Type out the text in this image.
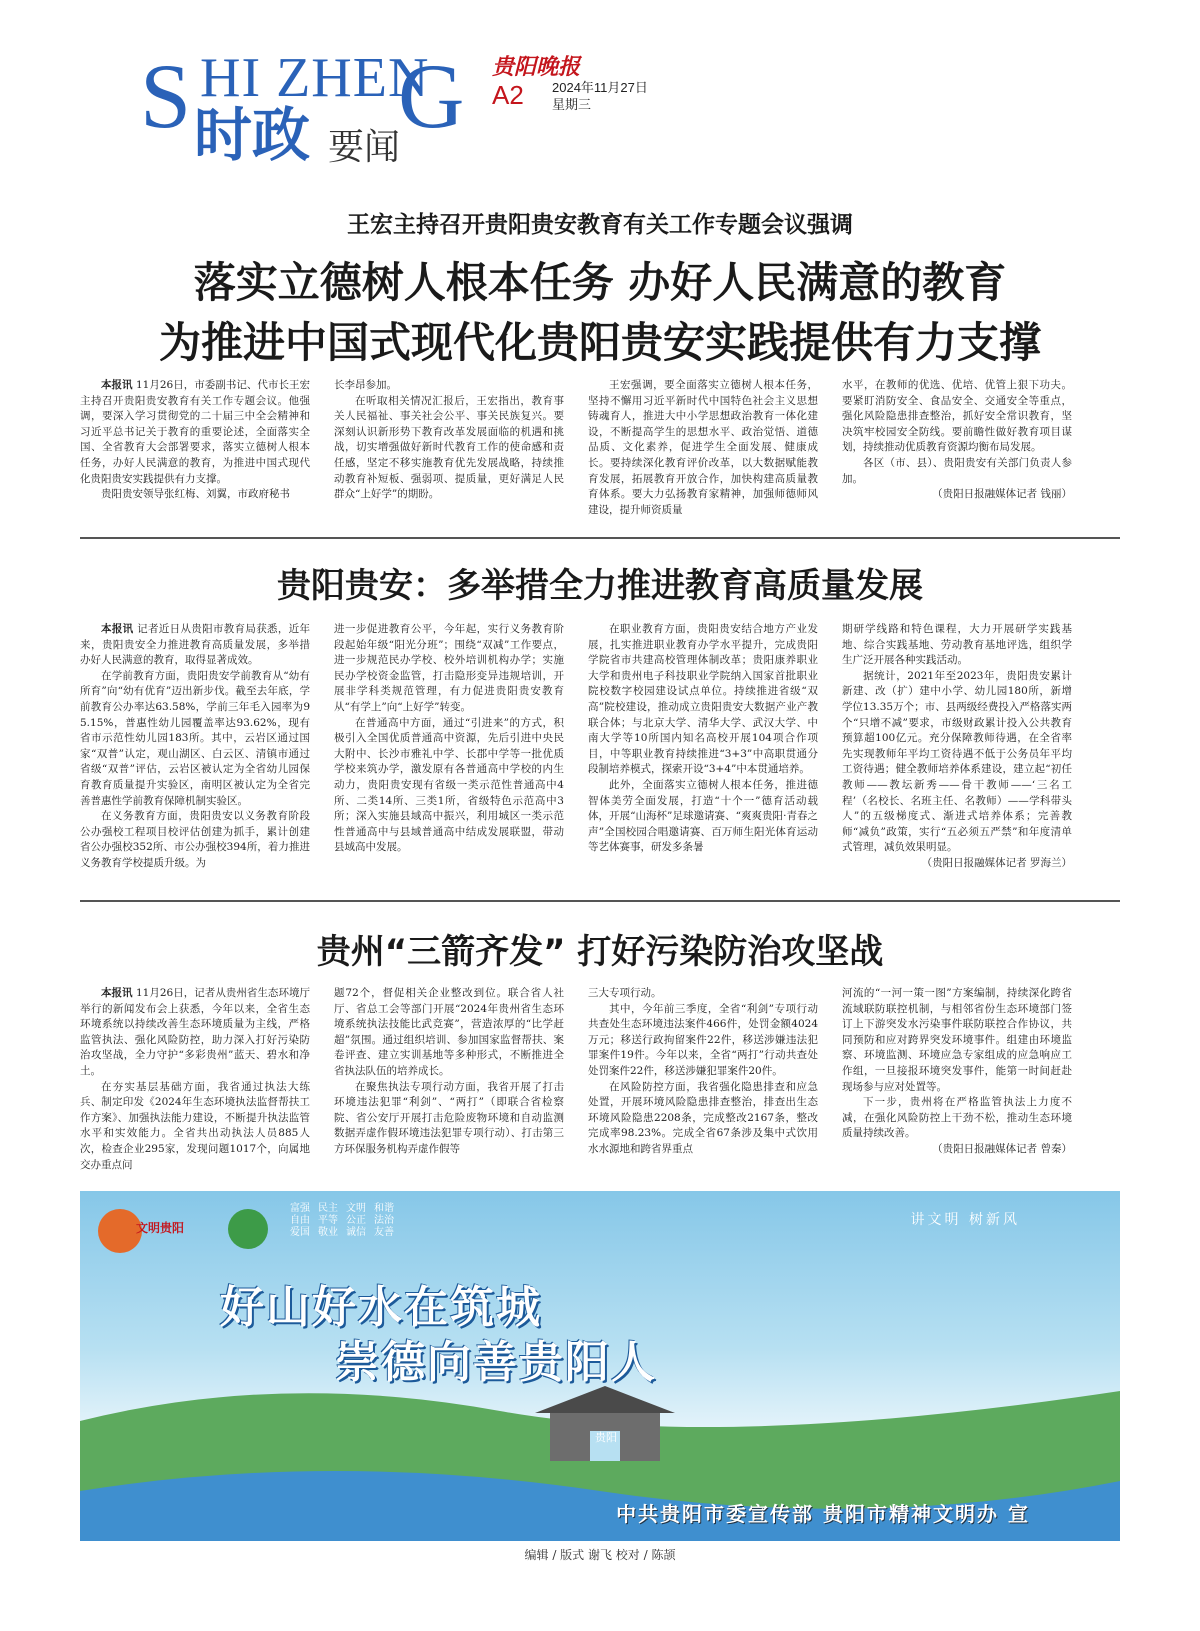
S HI ZHEN
G
时政 要闻
贵阳晚报
A2 2024年11月27日
星期三
王宏主持召开贵阳贵安教育有关工作专题会议强调
落实立德树人根本任务 办好人民满意的教育
为推进中国式现代化贵阳贵安实践提供有力支撑

本报讯 11月26日，市委副书记、代市长王宏主持召开贵阳贵安教育有关工作专题会议。他强调，要深入学习贯彻党的二十届三中全会精神和习近平总书记关于教育的重要论述，全面落实全国、全省教育大会部署要求，落实立德树人根本任务，办好人民满意的教育，为推进中国式现代化贵阳贵安实践提供有力支撑。

贵阳贵安领导张红梅、刘翼，市政府秘书

长李昂参加。

在听取相关情况汇报后，王宏指出，教育事关人民福祉、事关社会公平、事关民族复兴。要深刻认识新形势下教育改革发展面临的机遇和挑战，切实增强做好新时代教育工作的使命感和责任感，坚定不移实施教育优先发展战略，持续推动教育补短板、强弱项、提质量，更好满足人民群众“上好学”的期盼。

王宏强调，要全面落实立德树人根本任务，坚持不懈用习近平新时代中国特色社会主义思想铸魂育人，推进大中小学思想政治教育一体化建设，不断提高学生的思想水平、政治觉悟、道德品质、文化素养，促进学生全面发展、健康成长。要持续深化教育评价改革，以大数据赋能教育发展，拓展教育开放合作，加快构建高质量教育体系。要大力弘扬教育家精神，加强师德师风建设，提升师资质量

水平，在教师的优选、优培、优管上狠下功夫。要紧盯消防安全、食品安全、交通安全等重点，强化风险隐患排查整治，抓好安全常识教育，坚决筑牢校园安全防线。要前瞻性做好教育项目谋划，持续推动优质教育资源均衡布局发展。

各区（市、县）、贵阳贵安有关部门负责人参加。

（贵阳日报融媒体记者 钱丽）
贵阳贵安：多举措全力推进教育高质量发展

本报讯 记者近日从贵阳市教育局获悉，近年来，贵阳贵安全力推进教育高质量发展，多举措办好人民满意的教育，取得显著成效。

在学前教育方面，贵阳贵安学前教育从“幼有所育”向“幼有优育”迈出新步伐。截至去年底，学前教育公办率达63.58%，学前三年毛入园率为95.15%，普惠性幼儿园覆盖率达93.62%，现有省市示范性幼儿园183所。其中，云岩区通过国家“双普”认定，观山湖区、白云区、清镇市通过省级“双普”评估，云岩区被认定为全省幼儿园保育教育质量提升实验区，南明区被认定为全省完善普惠性学前教育保障机制实验区。

在义务教育方面，贵阳贵安以义务教育阶段公办强校工程项目校评估创建为抓手，累计创建省公办强校352所、市公办强校394所，着力推进义务教育学校提质升级。为

进一步促进教育公平，今年起，实行义务教育阶段起始年级“阳光分班”；围绕“双减”工作要点，进一步规范民办学校、校外培训机构办学；实施民办学校资金监管，打击隐形变异违规培训，开展非学科类规范管理，有力促进贵阳贵安教育从“有学上”向“上好学”转变。

在普通高中方面，通过“引进来”的方式，积极引入全国优质普通高中资源，先后引进中央民大附中、长沙市雅礼中学、长郡中学等一批优质学校来筑办学，激发原有各普通高中学校的内生动力，贵阳贵安现有省级一类示范性普通高中4所、二类14所、三类1所，省级特色示范高中3所；深入实施县域高中振兴，利用城区一类示范性普通高中与县域普通高中结成发展联盟，带动县域高中发展。

在职业教育方面，贵阳贵安结合地方产业发展，扎实推进职业教育办学水平提升，完成贵阳学院省市共建高校管理体制改革；贵阳康养职业大学和贵州电子科技职业学院纳入国家首批职业院校数字校园建设试点单位。持续推进省级“双高”院校建设，推动成立贵阳贵安大数据产业产教联合体；与北京大学、清华大学、武汉大学、中南大学等10所国内知名高校开展104项合作项目，中等职业教育持续推进“3+3”中高职贯通分段制培养模式，探索开设“3+4”中本贯通培养。

此外，全面落实立德树人根本任务，推进德智体美劳全面发展，打造“十个一”德育活动载体，开展“山海杯”足球邀请赛、“爽爽贵阳·青春之声”全国校园合唱邀请赛、百万师生阳光体育运动等艺体赛事，研发多条暑

期研学线路和特色课程，大力开展研学实践基地、综合实践基地、劳动教育基地评选，组织学生广泛开展各种实践活动。

据统计，2021年至2023年，贵阳贵安累计新建、改（扩）建中小学、幼儿园180所，新增学位13.35万个；市、县两级经费投入严格落实两个“只增不减”要求，市级财政累计投入公共教育预算超100亿元。充分保障教师待遇，在全省率先实现教师年平均工资待遇不低于公务员年平均工资待遇；健全教师培养体系建设，建立起“初任教师——教坛新秀——骨干教师——‘三名工程’（名校长、名班主任、名教师）——学科带头人”的五级梯度式、渐进式培养体系；完善教师“减负”政策，实行“五必须五严禁”和年度清单式管理，减负效果明显。

（贵阳日报融媒体记者 罗海兰）
贵州“三箭齐发” 打好污染防治攻坚战

本报讯 11月26日，记者从贵州省生态环境厅举行的新闻发布会上获悉，今年以来，全省生态环境系统以持续改善生态环境质量为主线，严格监管执法、强化风险防控，助力深入打好污染防治攻坚战，全力守护“多彩贵州”蓝天、碧水和净土。

在夯实基层基础方面，我省通过执法大练兵、制定印发《2024年生态环境执法监督帮扶工作方案》、加强执法能力建设，不断提升执法监管水平和实效能力。全省共出动执法人员885人次，检查企业295家，发现问题1017个，向属地交办重点问

题72个，督促相关企业整改到位。联合省人社厅、省总工会等部门开展“2024年贵州省生态环境系统执法技能比武竞赛”，营造浓厚的“比学赶超”氛围。通过组织培训、参加国家监督帮扶、案卷评查、建立实训基地等多种形式，不断推进全省执法队伍的培养成长。

在聚焦执法专项行动方面，我省开展了打击环境违法犯罪“利剑”、“两打”（即联合省检察院、省公安厅开展打击危险废物环境和自动监测数据弄虚作假环境违法犯罪专项行动）、打击第三方环保服务机构弄虚作假等

三大专项行动。

其中，今年前三季度，全省“利剑”专项行动共查处生态环境违法案件466件，处罚金额4024万元；移送行政拘留案件22件，移送涉嫌违法犯罪案件19件。今年以来，全省“两打”行动共查处处罚案件22件，移送涉嫌犯罪案件20件。

在风险防控方面，我省强化隐患排查和应急处置，开展环境风险隐患排查整治，排查出生态环境风险隐患2208条，完成整改2167条，整改完成率98.23%。完成全省67条涉及集中式饮用水水源地和跨省界重点

河流的“一河一策一图”方案编制，持续深化跨省流域联防联控机制，与相邻省份生态环境部门签订上下游突发水污染事件联防联控合作协议，共同预防和应对跨界突发环境事件。组建由环境监察、环境监测、环境应急专家组成的应急响应工作组，一旦接报环境突发事件，能第一时间赶赴现场参与应对处置等。

下一步，贵州将在严格监管执法上力度不减，在强化风险防控上干劲不松，推动生态环境质量持续改善。

（贵阳日报融媒体记者 曾秦）
文明贵阳
富强 民主 文明 和谐
自由 平等 公正 法治
爱国 敬业 诚信 友善
讲文明 树新风
好山好水在筑城
崇德向善贵阳人
贵阳
中共贵阳市委宣传部 贵阳市精神文明办 宣
编辑 / 版式 谢飞 校对 / 陈颉
